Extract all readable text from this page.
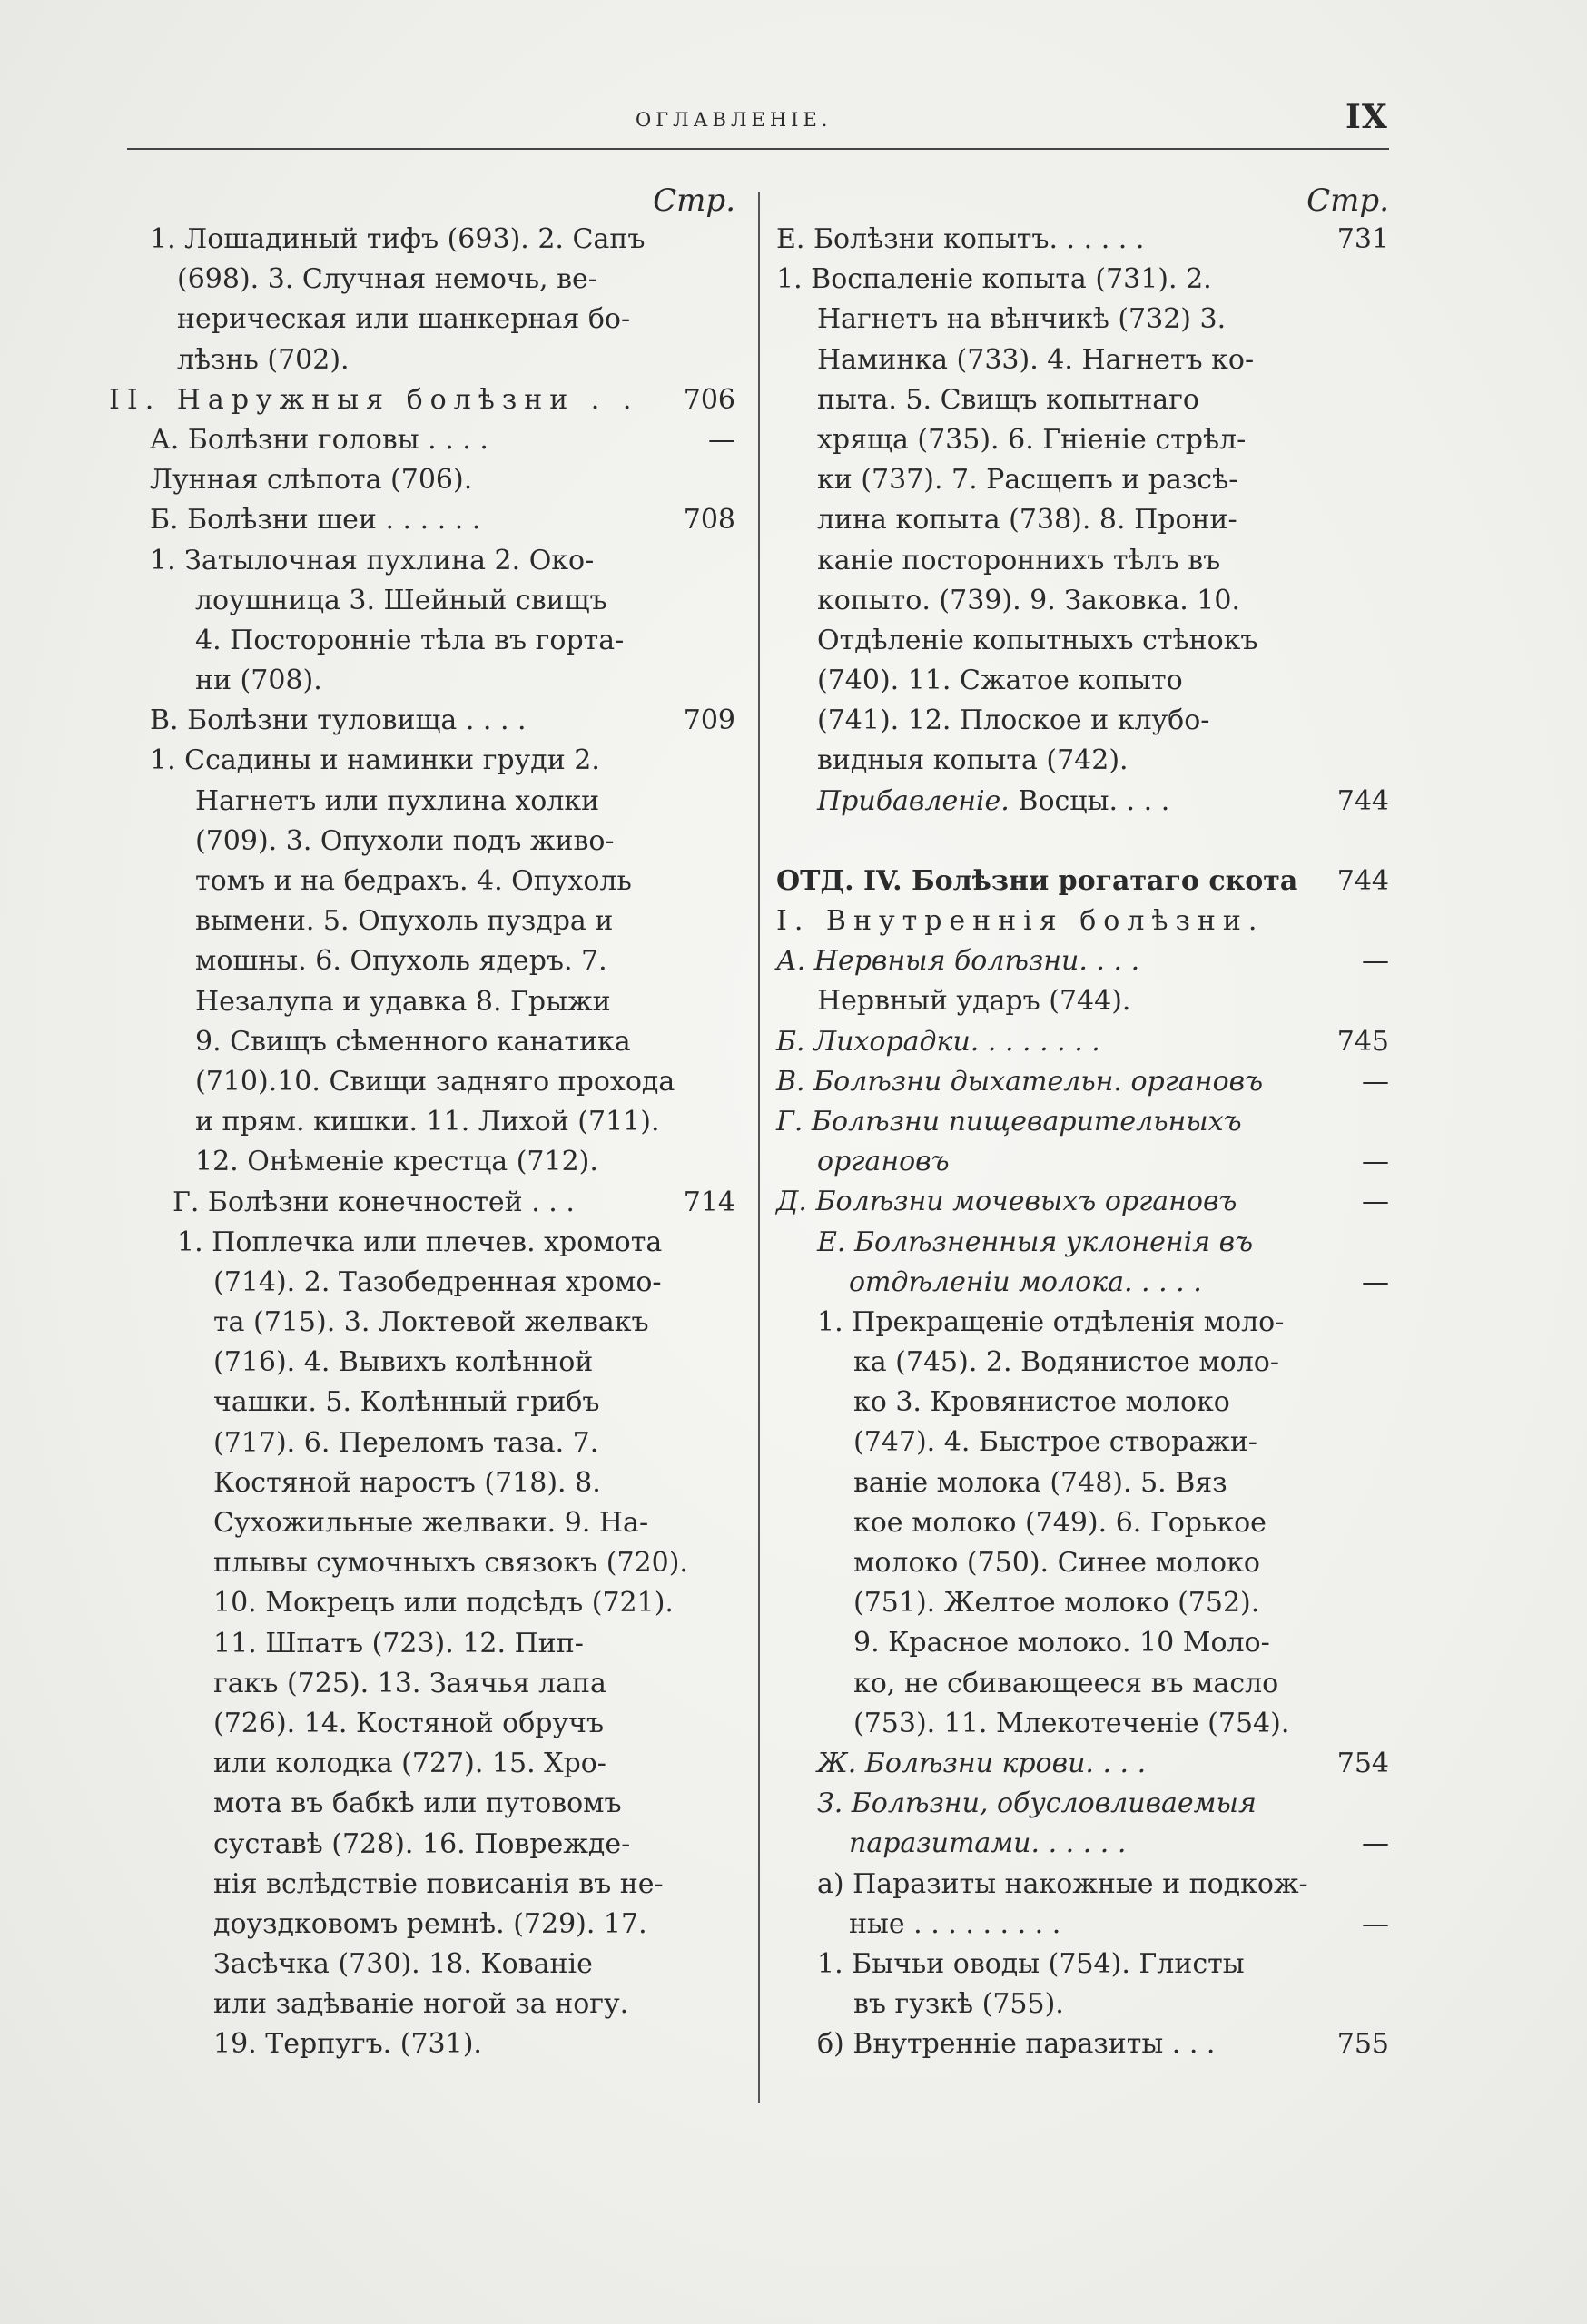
ОГЛАВЛЕНІЕ.	IX
Стр.
1. Лошадиный тифъ (693). 2. Сапъ
(698). 3. Случная немочь, ве-
нерическая или шанкерная бо-
лѣзнь (702).
II. Наружныя болѣзни . . 706
А. Болѣзни головы . . . .	—
Лунная слѣпота (706).
Б. Болѣзни шеи . . . . . .	708
1. Затылочная пухлина 2. Око-
лоушница 3. Шейный свищъ
4. Посторонніе тѣла въ горта-
ни (708).
В. Болѣзни туловища . . . .	709
1. Ссадины и наминки груди 2.
Нагнетъ или пухлина холки
(709). 3. Опухоли подъ живо-
томъ и на бедрахъ. 4. Опухоль
вымени. 5. Опухоль пуздра и
мошны. 6. Опухоль ядеръ. 7.
Незалупа и удавка 8. Грыжи
9. Свищъ сѣменного канатика
(710).10. Свищи задняго прохода
и прям. кишки. 11. Лихой (711).
12. Онѣменіе крестца (712).
Г. Болѣзни конечностей . . .	714
1. Поплечка или плечев. хромота
(714). 2. Тазобедренная хромо-
та (715). 3. Локтевой желвакъ
(716). 4. Вывихъ колѣнной
чашки. 5. Колѣнный грибъ
(717). 6. Переломъ таза. 7.
Костяной наростъ (718). 8.
Сухожильные желваки. 9. На-
плывы сумочныхъ связокъ (720).
10. Мокрецъ или подсѣдъ (721).
11. Шпатъ (723). 12. Пип-
гакъ (725). 13. Заячья лапа
(726). 14. Костяной обручъ
или колодка (727). 15. Хро-
мота въ бабкѣ или путовомъ
суставѣ (728). 16. Поврежде-
нія вслѣдствіе повисанія въ не-
доуздковомъ ремнѣ. (729). 17.
Засѣчка (730). 18. Кованіе
или задѣваніе ногой за ногу.
19. Терпугъ. (731).
Стр.
Е. Болѣзни копытъ. . . . . .	731
1. Воспаленіе копыта (731). 2.
Нагнетъ на вѣнчикѣ (732) 3.
Наминка (733). 4. Нагнетъ ко-
пыта. 5. Свищъ копытнаго
хряща (735). 6. Гніеніе стрѣл-
ки (737). 7. Расщепъ и разсѣ-
лина копыта (738). 8. Прони-
каніе постороннихъ тѣлъ въ
копыто. (739). 9. Заковка. 10.
Отдѣленіе копытныхъ стѣнокъ
(740). 11. Сжатое копыто
(741). 12. Плоское и клубо-
видныя копыта (742).
Прибавленіе. Восцы. . . .	744
ОТД. IV. Болѣзни рогатаго скота 744
I. Внутреннія болѣзни.
А. Нервныя болѣзни. . . .	—
Нервный ударъ (744).
Б. Лихорадки. . . . . . . .	745
В. Болѣзни дыхательн. органовъ	—
Г. Болѣзни пищеварительныхъ
органовъ	—
Д. Болѣзни мочевыхъ органовъ	—
Е. Болѣзненныя уклоненія въ
отдѣленіи молока. . . . .	—
1. Прекращеніе отдѣленія моло-
ка (745). 2. Водянистое моло-
ко 3. Кровянистое молоко
(747). 4. Быстрое створажи-
ваніе молока (748). 5. Вяз
кое молоко (749). 6. Горькое
молоко (750). Синее молоко
(751). Желтое молоко (752).
9. Красное молоко. 10 Моло-
ко, не сбивающееся въ масло
(753). 11. Млекотеченіе (754).
Ж. Болѣзни крови. . . .	754
З. Болѣзни, обусловливаемыя
паразитами. . . . . .	—
а) Паразиты накожные и подкож-
ные . . . . . . . . .	—
1. Бычьи оводы (754). Глисты
въ гузкѣ (755).
б) Внутренніе паразиты . . .	755
